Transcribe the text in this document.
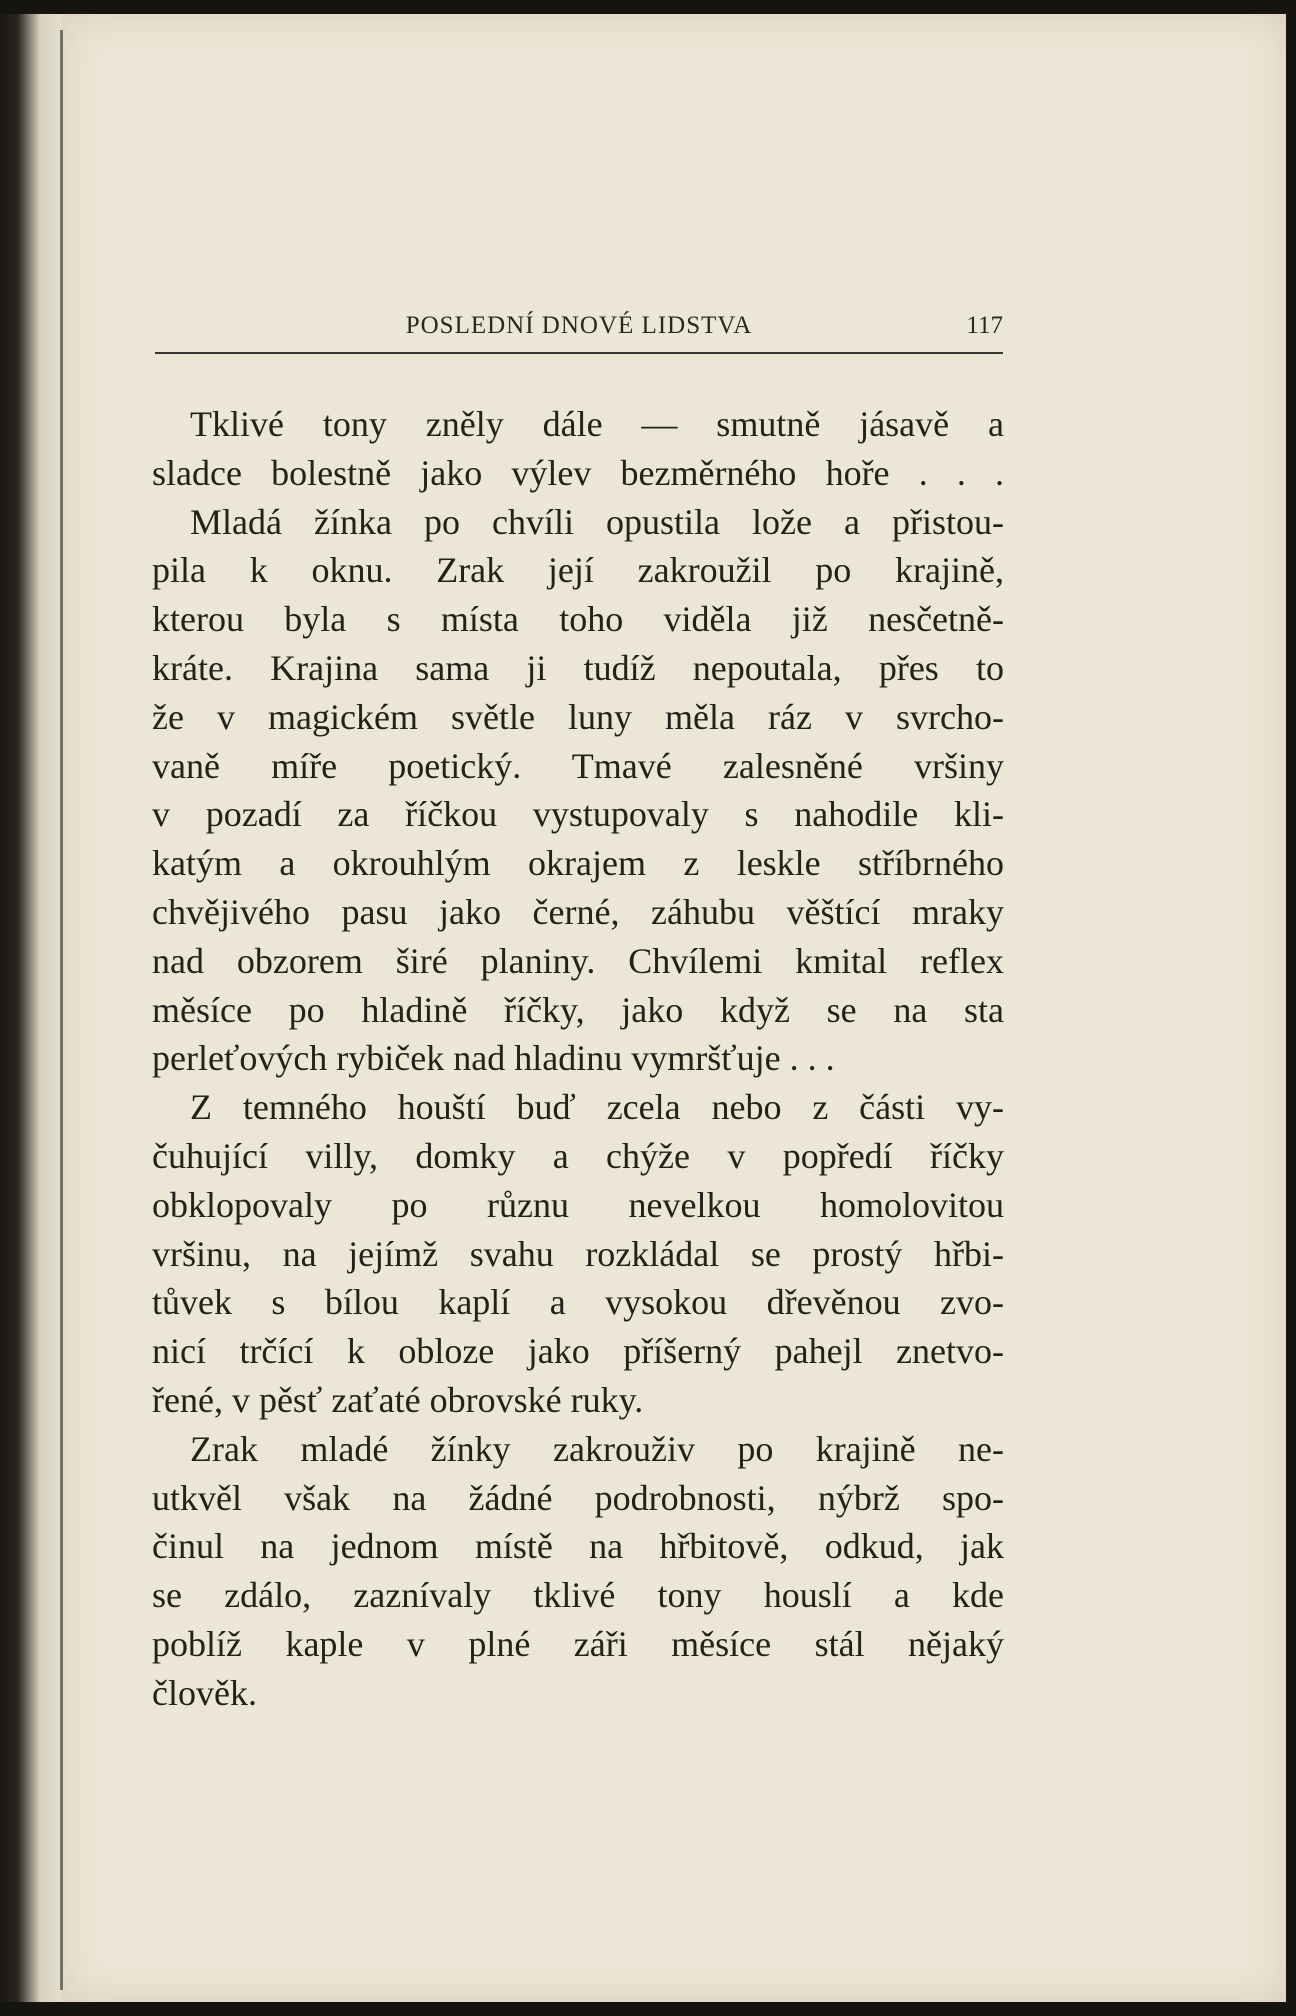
POSLEDNÍ DNOVÉ LIDSTVA	117
Tklivé tony zněly dále — smutně jásavě a
sladce bolestně jako výlev bezměrného hoře . . .
Mladá žínka po chvíli opustila lože a přistou-
pila k oknu. Zrak její zakroužil po krajině,
kterou byla s místa toho viděla již nesčetně-
kráte. Krajina sama ji tudíž nepoutala, přes to
že v magickém světle luny měla ráz v svrcho-
vaně míře poetický. Tmavé zalesněné vršiny
v pozadí za říčkou vystupovaly s nahodile kli-
katým a okrouhlým okrajem z leskle stříbrného
chvějivého pasu jako černé, záhubu věštící mraky
nad obzorem širé planiny. Chvílemi kmital reflex
měsíce po hladině říčky, jako když se na sta
perleťových rybiček nad hladinu vymršťuje . . .
Z temného houští buď zcela nebo z části vy-
čuhující villy, domky a chýže v popředí říčky
obklopovaly po různu nevelkou homolovitou
vršinu, na jejímž svahu rozkládal se prostý hřbi-
tůvek s bílou kaplí a vysokou dřevěnou zvo-
nicí trčící k obloze jako příšerný pahejl znetvo-
řené, v pěsť zaťaté obrovské ruky.
Zrak mladé žínky zakrouživ po krajině ne-
utkvěl však na žádné podrobnosti, nýbrž spo-
činul na jednom místě na hřbitově, odkud, jak
se zdálo, zaznívaly tklivé tony houslí a kde
poblíž kaple v plné záři měsíce stál nějaký
člověk.
